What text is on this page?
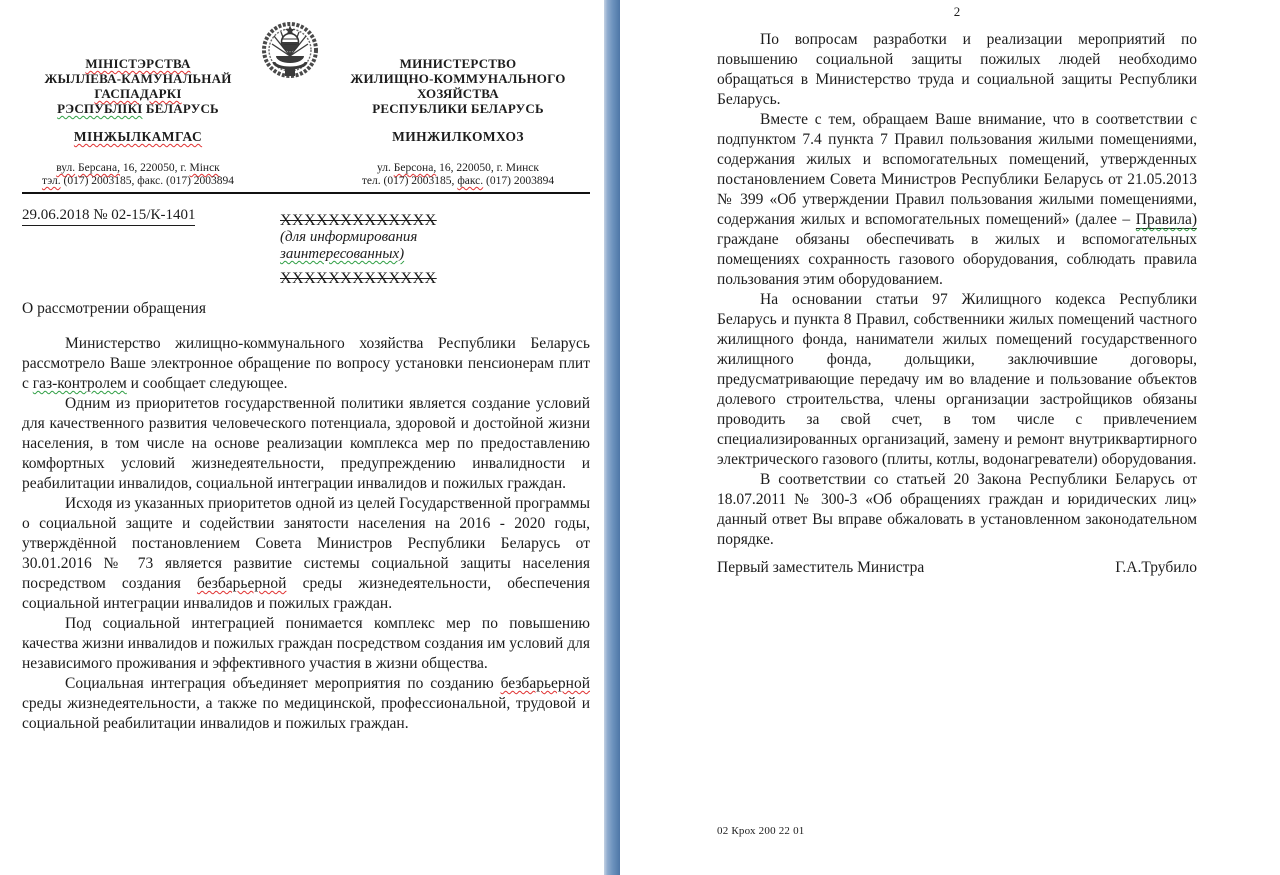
МІНІСТЭРСТВА
ЖЫЛЛЕВА-КАМУНАЛЬНАЙ
ГАСПАДАРКІ
РЭСПУБЛІКІ БЕЛАРУСЬ
МІНЖЫЛКАМГАС
вул. Берсана, 16, 220050, г. Мінск
тэл. (017) 2003185, факс. (017) 2003894
МИНИСТЕРСТВО
ЖИЛИЩНО-КОММУНАЛЬНОГО
ХОЗЯЙСТВА
РЕСПУБЛИКИ БЕЛАРУСЬ
МИНЖИЛКОМХОЗ
ул. Берсона, 16, 220050, г. Минск
тел. (017) 2003185, факс. (017) 2003894
29.06.2018 № 02-15/К-1401	ХХХХХХХХХХХХХ
(для информирования
заинтересованных)
ХХХХХХХХХХХХХ
О рассмотрении обращения

Министерство жилищно-коммунального хозяйства Республики Беларусь рассмотрело Ваше электронное обращение по вопросу установки пенсионерам плит с газ-контролем и сообщает следующее.

Одним из приоритетов государственной политики является создание условий для качественного развития человеческого потенциала, здоровой и достойной жизни населения, в том числе на основе реализации комплекса мер по предоставлению комфортных условий жизнедеятельности, предупреждению инвалидности и реабилитации инвалидов, социальной интеграции инвалидов и пожилых граждан.

Исходя из указанных приоритетов одной из целей Государственной программы о социальной защите и содействии занятости населения на 2016 - 2020 годы, утверждённой постановлением Совета Министров Республики Беларусь от 30.01.2016 № 73 является развитие системы социальной защиты населения посредством создания безбарьерной среды жизнедеятельности, обеспечения социальной интеграции инвалидов и пожилых граждан.

Под социальной интеграцией понимается комплекс мер по повышению качества жизни инвалидов и пожилых граждан посредством создания им условий для независимого проживания и эффективного участия в жизни общества.

Социальная интеграция объединяет мероприятия по созданию безбарьерной среды жизнедеятельности, а также по медицинской, профессиональной, трудовой и социальной реабилитации инвалидов и пожилых граждан.

2

По вопросам разработки и реализации мероприятий по повышению социальной защиты пожилых людей необходимо обращаться в Министерство труда и социальной защиты Республики Беларусь.

Вместе с тем, обращаем Ваше внимание, что в соответствии с подпунктом 7.4 пункта 7 Правил пользования жилыми помещениями, содержания жилых и вспомогательных помещений, утвержденных постановлением Совета Министров Республики Беларусь от 21.05.2013 № 399 «Об утверждении Правил пользования жилыми помещениями, содержания жилых и вспомогательных помещений» (далее – Правила) граждане обязаны обеспечивать в жилых и вспомогательных помещениях сохранность газового оборудования, соблюдать правила пользования этим оборудованием.

На основании статьи 97 Жилищного кодекса Республики Беларусь и пункта 8 Правил, собственники жилых помещений частного жилищного фонда, наниматели жилых помещений государственного жилищного фонда, дольщики, заключившие договоры, предусматривающие передачу им во владение и пользование объектов долевого строительства, члены организации застройщиков обязаны проводить за свой счет, в том числе с привлечением специализированных организаций, замену и ремонт внутриквартирного электрического газового (плиты, котлы, водонагреватели) оборудования.

В соответствии со статьей 20 Закона Республики Беларусь от 18.07.2011 № 300-3 «Об обращениях граждан и юридических лиц» данный ответ Вы вправе обжаловать в установленном законодательном порядке.

Первый заместитель Министра	Г.А.Трубило
02 Крох 200 22 01
